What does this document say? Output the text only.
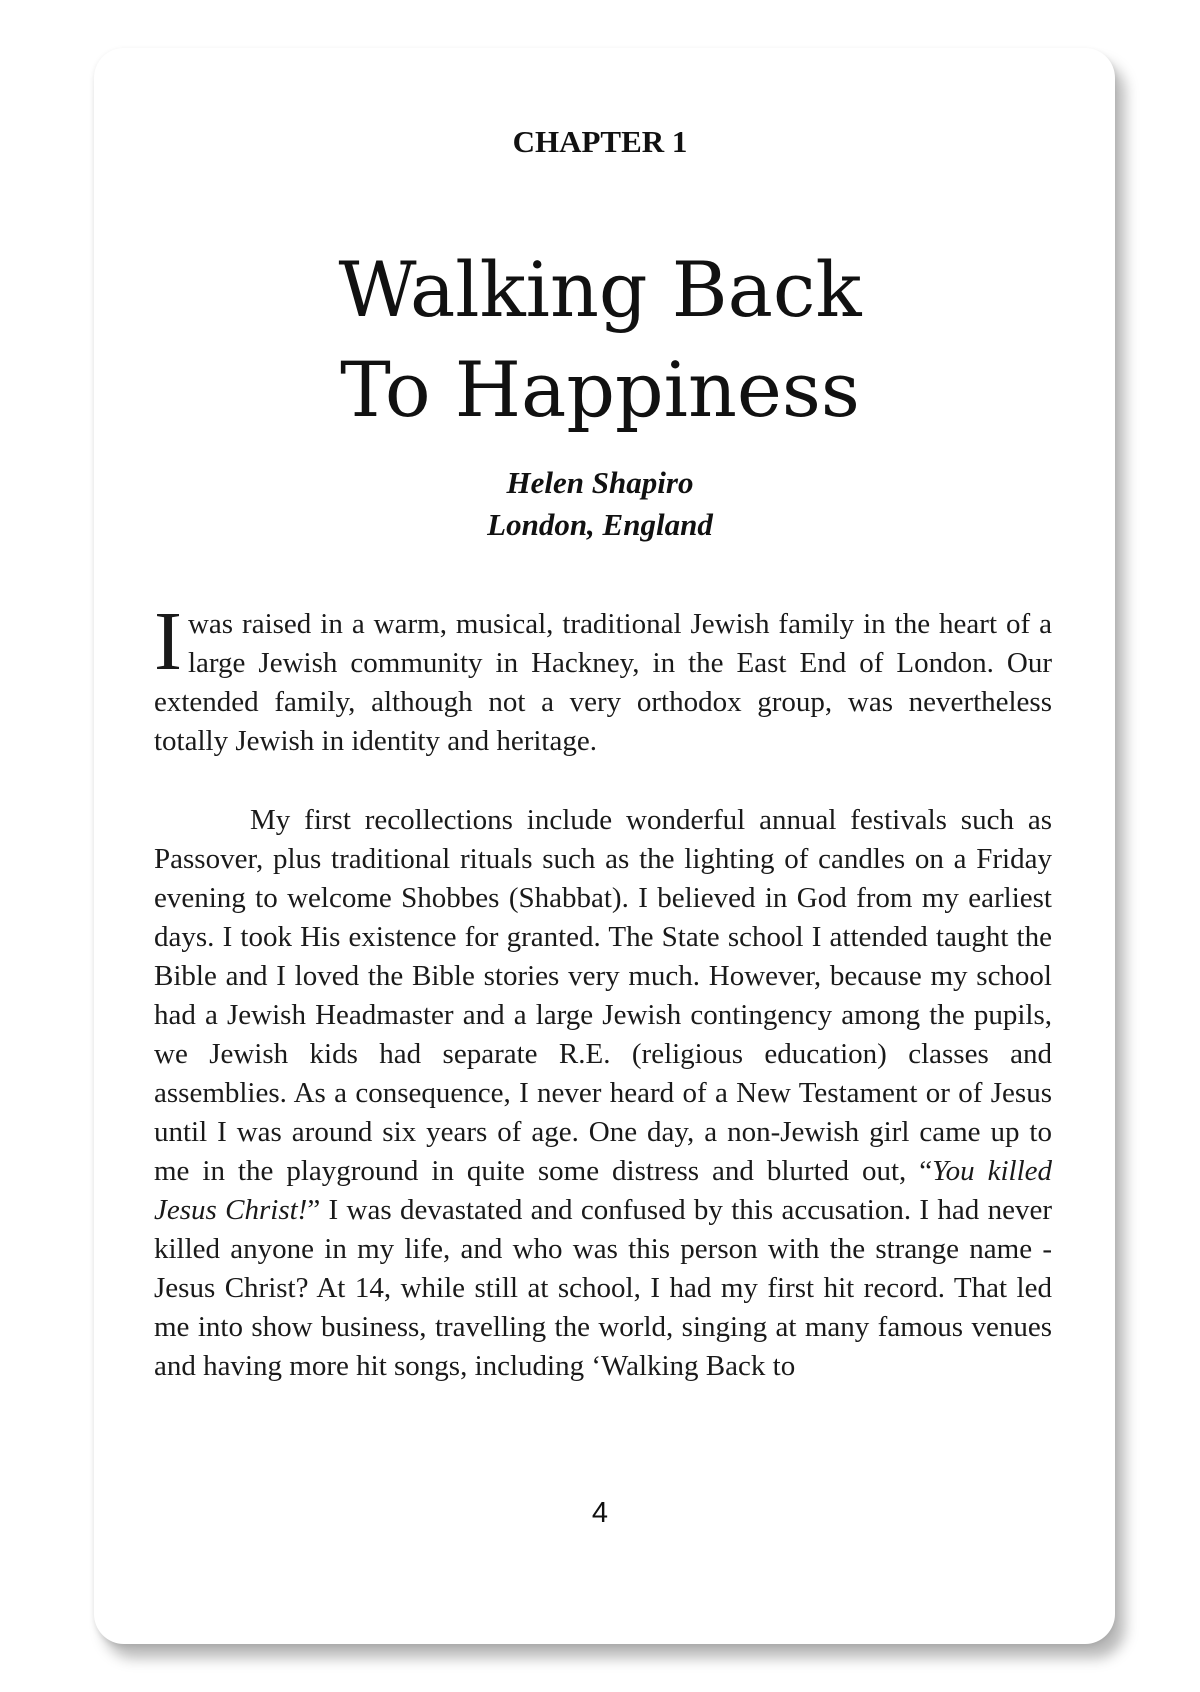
CHAPTER 1
Walking Back
To Happiness
Helen Shapiro
London, England

Iwas raised in a warm, musical, traditional Jewish family in the heart of a large Jewish community in Hackney, in the East End of London. Our extended family, although not a very orthodox group, was nevertheless totally Jewish in identity and heritage.

My first recollections include wonderful annual festivals such as Passover, plus traditional rituals such as the lighting of candles on a Friday evening to welcome Shobbes (Shabbat). I believed in God from my earliest days. I took His existence for granted. The State school I attended taught the Bible and I loved the Bible stories very much. However, because my school had a Jewish Headmaster and a large Jewish contingency among the pupils, we Jewish kids had separate R.E. (religious education) classes and assemblies. As a consequence, I never heard of a New Testament or of Jesus until I was around six years of age. One day, a non-Jewish girl came up to me in the playground in quite some distress and blurted out, “You killed Jesus Christ!” I was devastated and confused by this accusation. I had never killed anyone in my life, and who was this person with the strange name - Jesus Christ? At 14, while still at school, I had my first hit record. That led me into show business, travelling the world, singing at many famous venues and having more hit songs, including ‘Walking Back to

4
